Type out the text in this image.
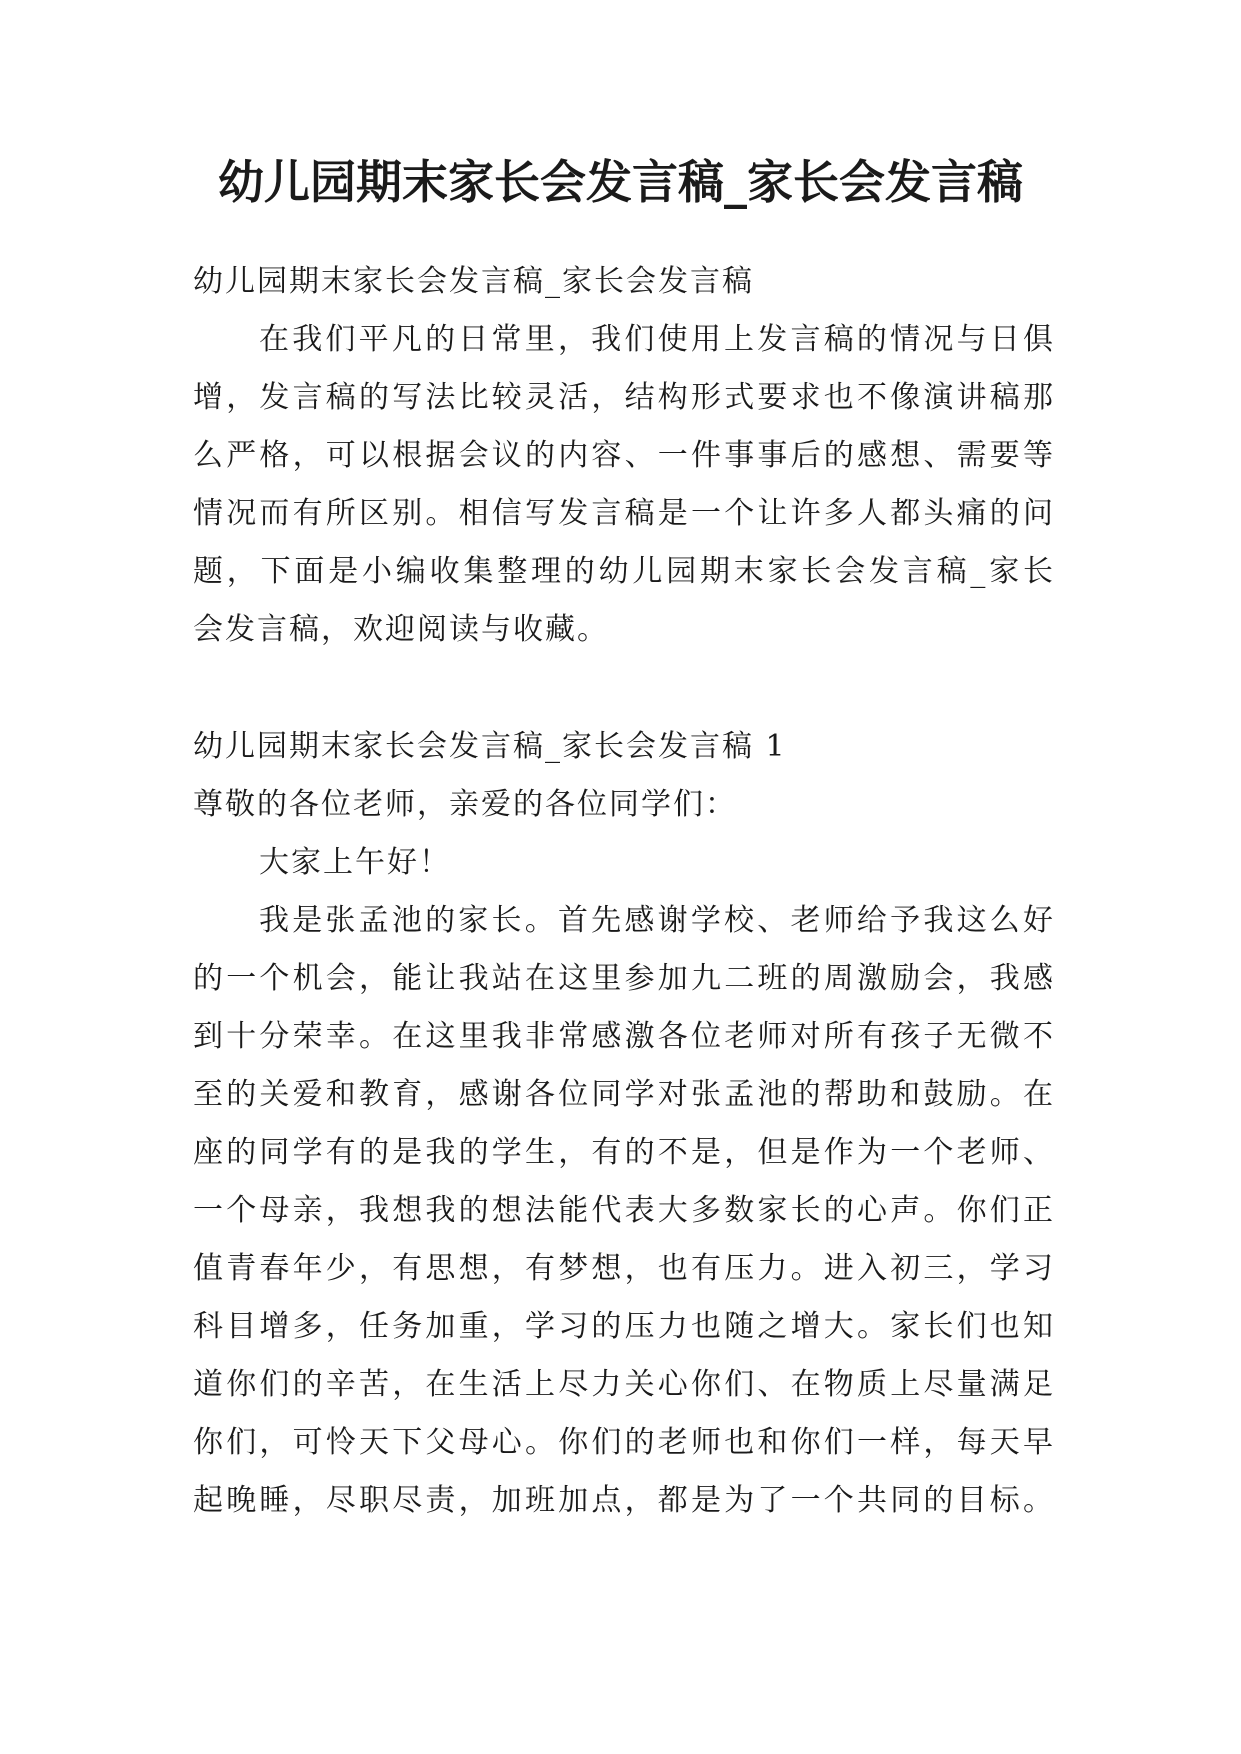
幼儿园期末家长会发言稿_家长会发言稿
幼儿园期末家长会发言稿_家长会发言稿
在我们平凡的日常里，我们使用上发言稿的情况与日俱
增，发言稿的写法比较灵活，结构形式要求也不像演讲稿那
么严格，可以根据会议的内容、一件事事后的感想、需要等
情况而有所区别。相信写发言稿是一个让许多人都头痛的问
题，下面是小编收集整理的幼儿园期末家长会发言稿_家长
会发言稿，欢迎阅读与收藏。
幼儿园期末家长会发言稿_家长会发言稿 1
尊敬的各位老师，亲爱的各位同学们：
大家上午好！
我是张孟池的家长。首先感谢学校、老师给予我这么好
的一个机会，能让我站在这里参加九二班的周激励会，我感
到十分荣幸。在这里我非常感激各位老师对所有孩子无微不
至的关爱和教育，感谢各位同学对张孟池的帮助和鼓励。在
座的同学有的是我的学生，有的不是，但是作为一个老师、
一个母亲，我想我的想法能代表大多数家长的心声。你们正
值青春年少，有思想，有梦想，也有压力。进入初三，学习
科目增多，任务加重，学习的压力也随之增大。家长们也知
道你们的辛苦，在生活上尽力关心你们、在物质上尽量满足
你们，可怜天下父母心。你们的老师也和你们一样，每天早
起晚睡，尽职尽责，加班加点，都是为了一个共同的目标。
